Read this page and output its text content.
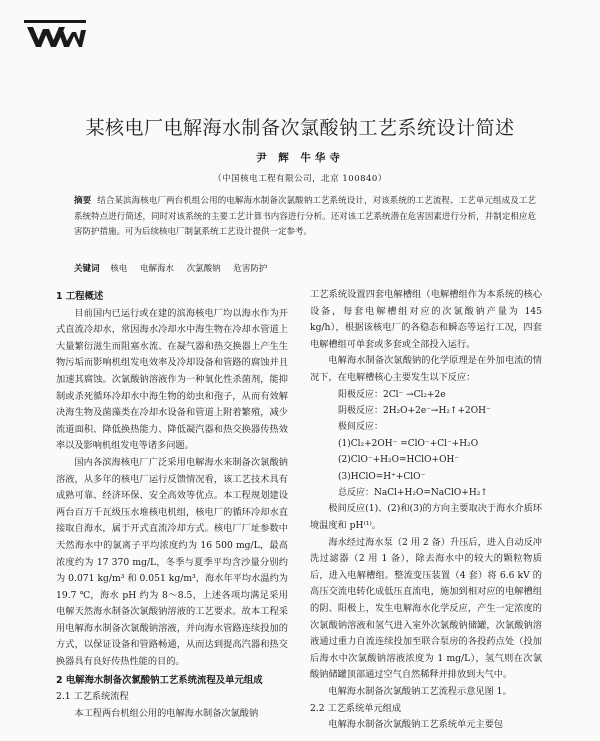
某核电厂电解海水制备次氯酸钠工艺系统设计简述
尹 辉 牛华寺
（中国核电工程有限公司，北京 100840）
摘要 结合某滨海核电厂两台机组公用的电解海水制备次氯酸钠工艺系统设计，对该系统的工艺流程、工艺单元组成及工艺系统特点进行简述，同时对该系统的主要工艺计算书内容进行分析。还对该工艺系统潜在危害因素进行分析，并制定相应危害防护措施。可为后续核电厂制氯系统工艺设计提供一定参考。
关键词 核电 电解海水 次氯酸钠 危害防护
1 工程概述

目前国内已运行或在建的滨海核电厂均以海水作为开式直流冷却水，常因海水冷却水中海生物在冷却水管道上大量繁衍滋生而阻塞水流、在凝气器和热交换器上产生生物污垢而影响机组发电效率及冷却设备和管路的腐蚀并且加速其腐蚀。次氯酸钠溶液作为一种氧化性杀菌剂，能抑制或杀死循环冷却水中海生物的幼虫和孢子，从而有效解决海生物及菌藻类在冷却水设备和管道上附着繁殖，减少流道面积、降低换热能力、降低凝汽器和热交换器传热效率以及影响机组发电等诸多问题。

国内各滨海核电厂广泛采用电解海水来制备次氯酸钠溶液，从多年的核电厂运行反馈情况看，该工艺技术具有成熟可靠、经济环保、安全高效等优点。本工程规划建设两台百万千瓦级压水堆核电机组，核电厂的循环冷却水直接取自海水，属于开式直流冷却方式。核电厂厂址参数中天然海水中的氯离子平均浓度约为 16 500 mg/L，最高浓度约为 17 370 mg/L，冬季与夏季平均含沙量分别约为 0.071 kg/m³ 和 0.051 kg/m³，海水年平均水温约为 19.7 ℃，海水 pH 约为 8～8.5，上述各项均满足采用电解天然海水制备次氯酸钠溶液的工艺要求。故本工程采用电解海水制备次氯酸钠溶液，并向海水管路连续投加的方式，以保证设备和管路畅通，从而达到提高汽器和热交换器具有良好传热性能的目的。

2 电解海水制备次氯酸钠工艺系统流程及单元组成
2.1 工艺系统流程

本工程两台机组公用的电解海水制备次氯酸钠

工艺系统设置四套电解槽组（电解槽组作为本系统的核心设备，每套电解槽组对应的次氯酸钠产量为 145 kg/h），根据该核电厂的各稳态和瞬态等运行工况，四套电解槽组可单套或多套或全部投入运行。

电解海水制备次氯酸钠的化学原理是在外加电流的情况下，在电解槽核心主要发生以下反应：

阳极反应：2Cl⁻ →Cl₂+2e
阴极反应：2H₂O+2e⁻→H₂↑+2OH⁻
极间反应：
(1)Cl₂+2OH⁻ =ClO⁻+Cl⁻+H₂O
(2)ClO⁻+H₂O=HClO+OH⁻
(3)HClO=H⁺+ClO⁻
总反应：NaCl+H₂O=NaClO+H₂↑

极间反应(1)、(2)和(3)的方向主要取决于海水介质环境温度和 pH⁽¹⁾。

海水经过海水泵（2 用 2 备）升压后，进入自动反冲洗过滤器（2 用 1 备），除去海水中的较大的颗粒物质后，进入电解槽组。整流变压装置（4 套）将 6.6 kV 的高压交流电转化成低压直流电，施加到相对应的电解槽组的阴、阳极上，发生电解海水化学反应，产生一定浓度的次氯酸钠溶液和氢气进入室外次氯酸钠储罐，次氯酸钠溶液通过重力自流连续投加至联合泵房的各投药点处（投加后海水中次氯酸钠溶液浓度为 1 mg/L），氢气则在次氯酸钠储罐顶部通过空气自然稀释并排放到大气中。

电解海水制备次氯酸钠工艺流程示意见图 1。

2.2 工艺系统单元组成

电解海水制备次氯酸钠工艺系统单元主要包
